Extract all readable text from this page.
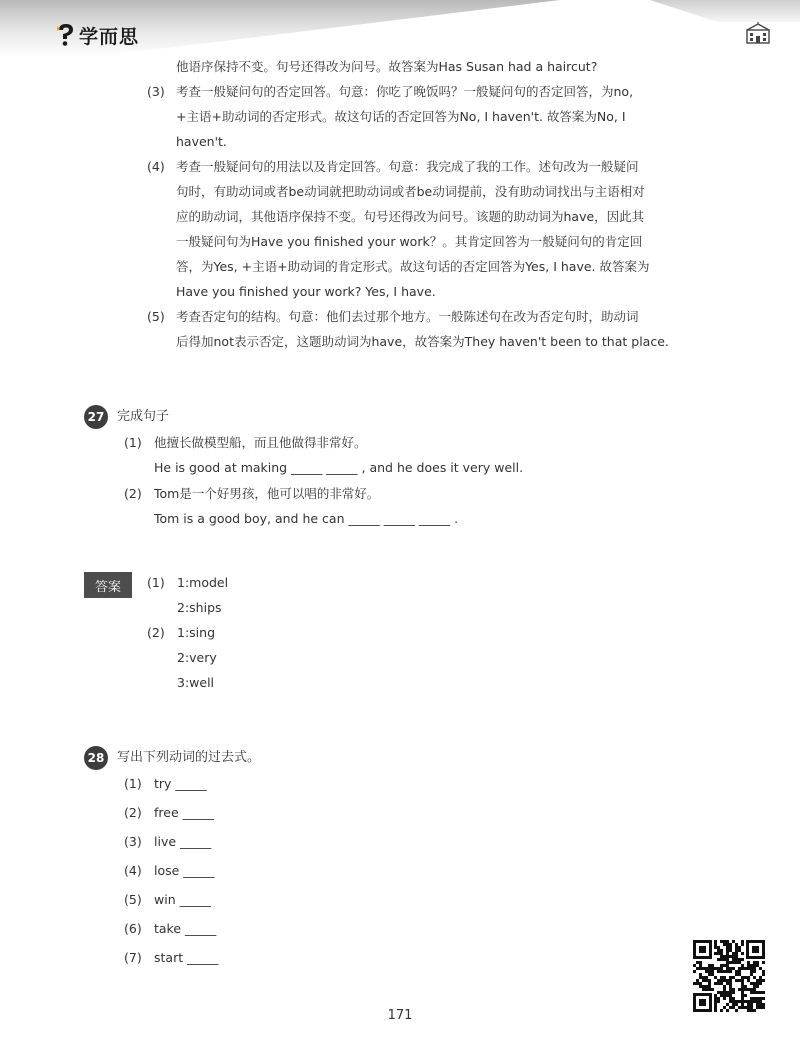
学而思
他语序保持不变。句号还得改为问号。故答案为Has Susan had a haircut?
(3) 考查一般疑问句的否定回答。句意：你吃了晚饭吗？一般疑问句的否定回答，为no,
+主语+助动词的否定形式。故这句话的否定回答为No, I haven't. 故答案为No, I
haven't.
(4) 考查一般疑问句的用法以及肯定回答。句意：我完成了我的工作。述句改为一般疑问
句时，有助动词或者be动词就把助动词或者be动词提前，没有助动词找出与主语相对
应的助动词，其他语序保持不变。句号还得改为问号。该题的助动词为have，因此其
一般疑问句为Have you finished your work？。其肯定回答为一般疑问句的肯定回
答，为Yes, +主语+助动词的肯定形式。故这句话的否定回答为Yes, I have. 故答案为
Have you finished your work? Yes, I have.
(5) 考查否定句的结构。句意：他们去过那个地方。一般陈述句在改为否定句时，助动词
后得加not表示否定，这题助动词为have，故答案为They haven't been to that place.
27 完成句子
(1) 他擅长做模型船，而且他做得非常好。
He is good at making _____ _____ , and he does it very well.
(2) Tom是一个好男孩，他可以唱的非常好。
Tom is a good boy, and he can _____ _____ _____ .
答案	(1) 1:model
2:ships
(2) 1:sing
2:very
3:well
28 写出下列动词的过去式。
(1) try _____
(2) free _____
(3) live _____
(4) lose _____
(5) win _____
(6) take _____
(7) start _____
171
